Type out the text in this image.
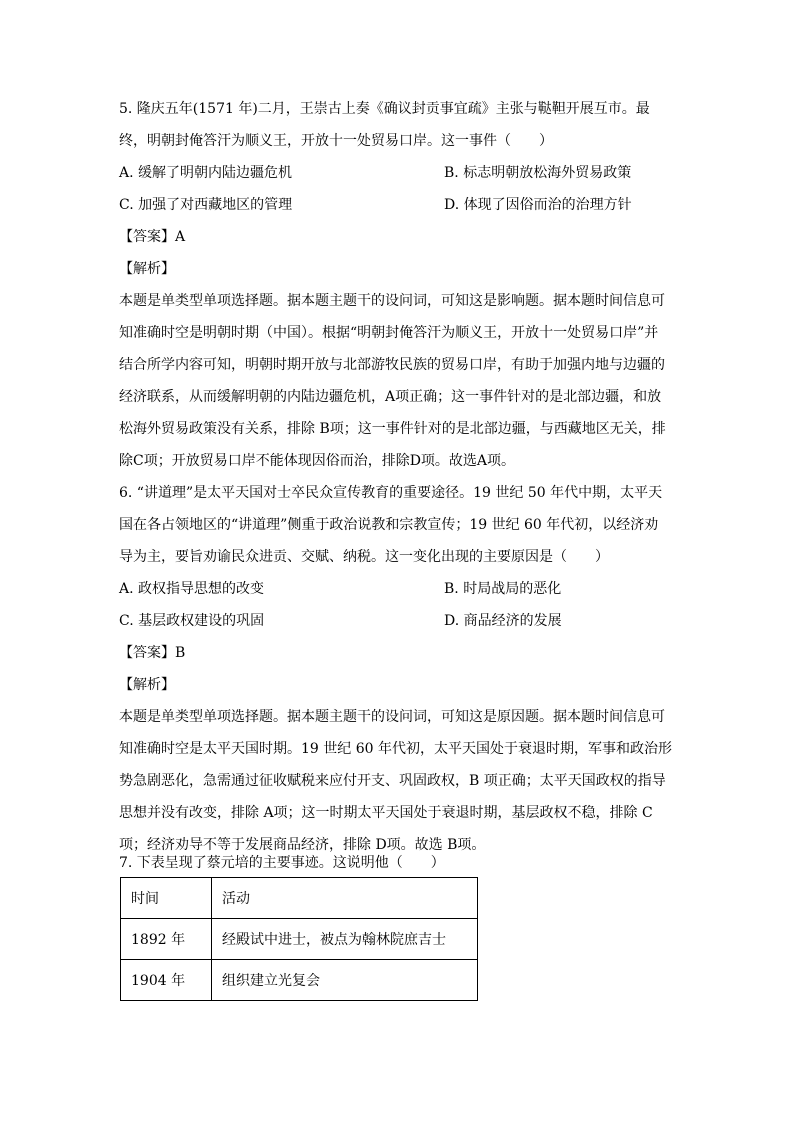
5. 隆庆五年(1571 年)二月，王崇古上奏《确议封贡事宜疏》主张与鞑靼开展互市。最
终，明朝封俺答汗为顺义王，开放十一处贸易口岸。这一事件（　　）
A. 缓解了明朝内陆边疆危机	B. 标志明朝放松海外贸易政策
C. 加强了对西藏地区的管理	D. 体现了因俗而治的治理方针
【答案】A
【解析】
本题是单类型单项选择题。据本题主题干的设问词，可知这是影响题。据本题时间信息可
知准确时空是明朝时期（中国）。根据“明朝封俺答汗为顺义王，开放十一处贸易口岸”并
结合所学内容可知，明朝时期开放与北部游牧民族的贸易口岸，有助于加强内地与边疆的
经济联系，从而缓解明朝的内陆边疆危机，A项正确；这一事件针对的是北部边疆，和放
松海外贸易政策没有关系，排除 B项；这一事件针对的是北部边疆，与西藏地区无关，排
除C项；开放贸易口岸不能体现因俗而治，排除D项。故选A项。
6. “讲道理”是太平天国对士卒民众宣传教育的重要途径。19 世纪 50 年代中期，太平天
国在各占领地区的“讲道理”侧重于政治说教和宗教宣传；19 世纪 60 年代初，以经济劝
导为主，要旨劝谕民众进贡、交赋、纳税。这一变化出现的主要原因是（　　）
A. 政权指导思想的改变	B. 时局战局的恶化
C. 基层政权建设的巩固	D. 商品经济的发展
【答案】B
【解析】
本题是单类型单项选择题。据本题主题干的设问词，可知这是原因题。据本题时间信息可
知准确时空是太平天国时期。19 世纪 60 年代初，太平天国处于衰退时期，军事和政治形
势急剧恶化，急需通过征收赋税来应付开支、巩固政权，B 项正确；太平天国政权的指导
思想并没有改变，排除 A项；这一时期太平天国处于衰退时期，基层政权不稳，排除 C
项；经济劝导不等于发展商品经济，排除 D项。故选 B项。
7. 下表呈现了蔡元培的主要事迹。这说明他（　　）
时间	活动
1892 年	经殿试中进士，被点为翰林院庶吉士
1904 年	组织建立光复会
